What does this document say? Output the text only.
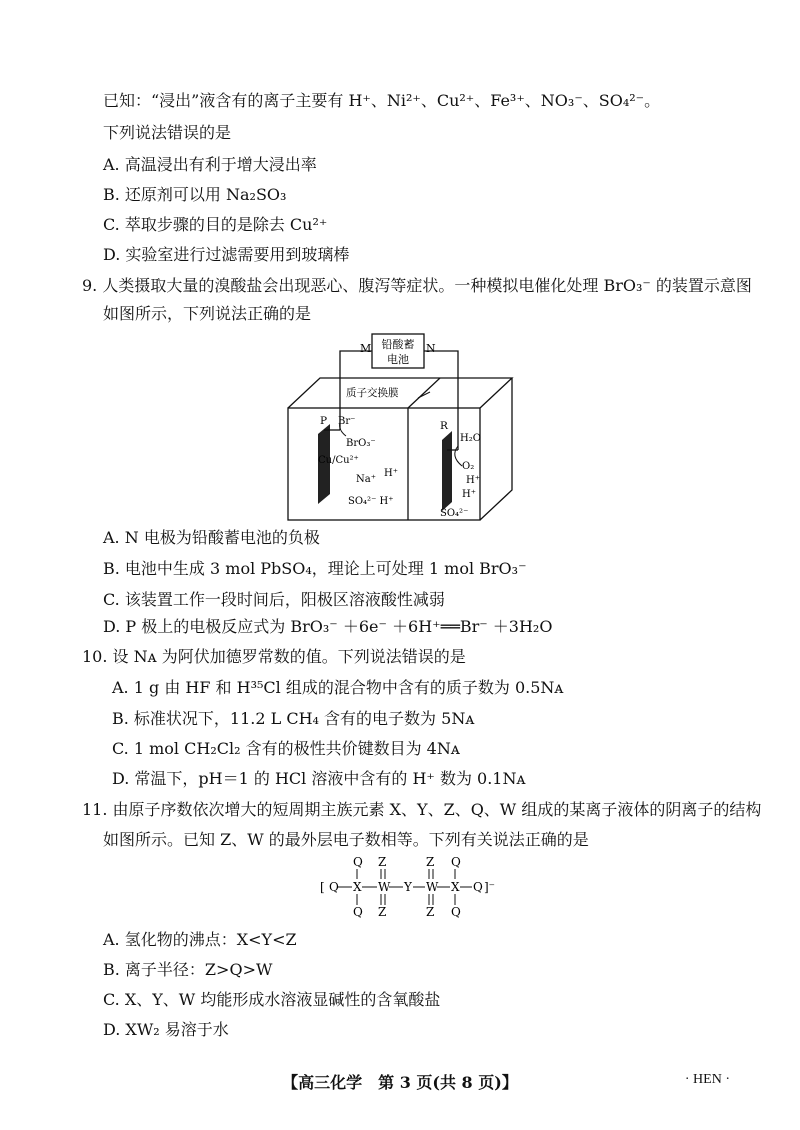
已知：“浸出”液含有的离子主要有 H⁺、Ni²⁺、Cu²⁺、Fe³⁺、NO₃⁻、SO₄²⁻。
下列说法错误的是
A. 高温浸出有利于增大浸出率
B. 还原剂可以用 Na₂SO₃
C. 萃取步骤的目的是除去 Cu²⁺
D. 实验室进行过滤需要用到玻璃棒
9. 人类摄取大量的溴酸盐会出现恶心、腹泻等症状。一种模拟电催化处理 BrO₃⁻ 的装置示意图
如图所示，下列说法正确的是
铅酸蓄
电池
M	N
质子交换膜
P	R
Br⁻
BrO₃⁻
Cu/Cu²⁺
Na⁺
H⁺
SO₄²⁻ H⁺
H₂O
O₂
H⁺
H⁺
SO₄²⁻
A. N 电极为铅酸蓄电池的负极
B. 电池中生成 3 mol PbSO₄，理论上可处理 1 mol BrO₃⁻
C. 该装置工作一段时间后，阳极区溶液酸性减弱
D. P 极上的电极反应式为 BrO₃⁻ ＋6e⁻ ＋6H⁺══Br⁻ ＋3H₂O
10. 设 Nᴀ 为阿伏加德罗常数的值。下列说法错误的是
A. 1 g 由 HF 和 H³⁵Cl 组成的混合物中含有的质子数为 0.5Nᴀ
B. 标准状况下，11.2 L CH₄ 含有的电子数为 5Nᴀ
C. 1 mol CH₂Cl₂ 含有的极性共价键数目为 4Nᴀ
D. 常温下，pH＝1 的 HCl 溶液中含有的 H⁺ 数为 0.1Nᴀ
11. 由原子序数依次增大的短周期主族元素 X、Y、Z、Q、W 组成的某离子液体的阴离子的结构
如图所示。已知 Z、W 的最外层电子数相等。下列有关说法正确的是
[ Q X W Y W X Q ]⁻
Q Z	Z Q
Q Z	Z Q
A. 氢化物的沸点：X<Y<Z
B. 离子半径：Z>Q>W
C. X、Y、W 均能形成水溶液显碱性的含氧酸盐
D. XW₂ 易溶于水
【高三化学　第 3 页(共 8 页)】	· HEN ·
